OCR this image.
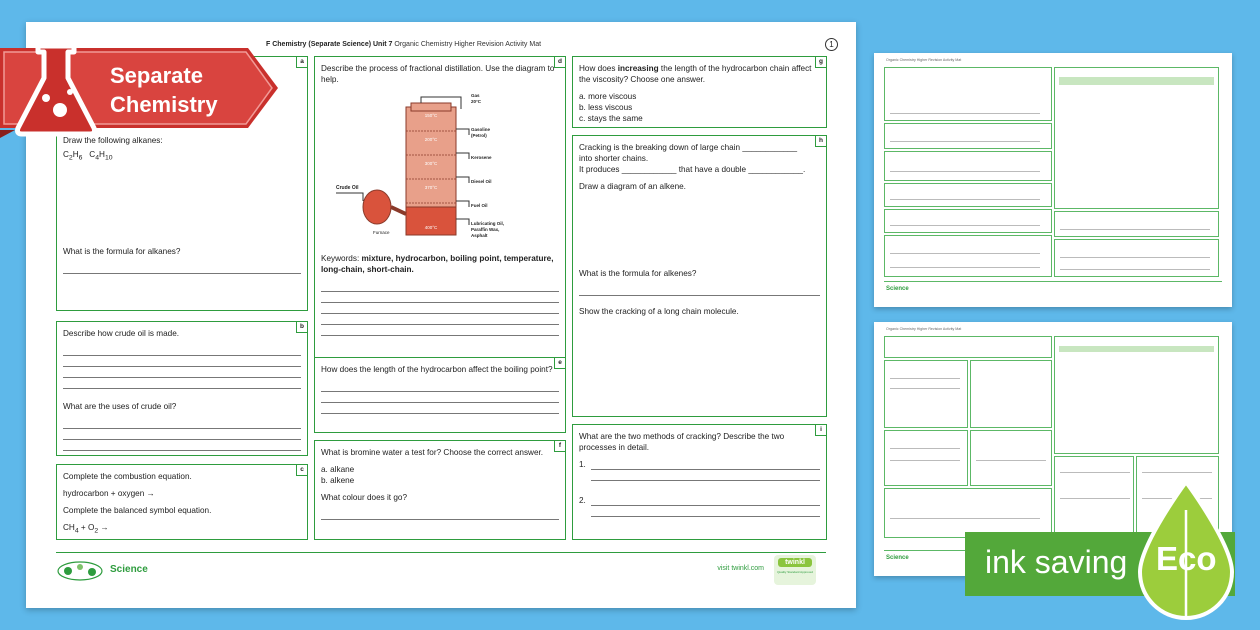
F Chemistry (Separate Science) Unit 7 Organic Chemistry Higher Revision Activity Mat	1
a
Draw the following alkanes:
$C_2H_6$ $C_4H_{10}$
What is the formula for alkanes?
b
Describe how crude oil is made.
What are the uses of crude oil?
c
Complete the combustion equation.
hydrocarbon + oxygen →
Complete the balanced symbol equation.
$CH_4 + O_2$ →
d
Describe the process of fractional distillation. Use the diagram to help.
Crude Oil
Furnace
150°C
200°C
300°C
370°C
400°C
Gas
20°C
Gasoline
(Petrol)
Kerosene
Diesel Oil
Fuel Oil
Lubricating Oil,
Paraffin Wax,
Asphalt
Keywords: mixture, hydrocarbon, boiling point, temperature, long-chain, short-chain.
e
How does the length of the hydrocarbon affect the boiling point?
f
What is bromine water a test for? Choose the correct answer.
a. alkane
b. alkene
What colour does it go?
g
How does increasing the length of the hydrocarbon chain affect the viscosity? Choose one answer.
a. more viscous
b. less viscous
c. stays the same
h
Cracking is the breaking down of large chain ____________
into shorter chains.
It produces ____________ that have a double ____________.
Draw a diagram of an alkene.
What is the formula for alkenes?
Show the cracking of a long chain molecule.
i
What are the two methods of cracking? Describe the two processes in detail.
1.
2.
Science	visit twinkl.com
twinkl
Quality Standard Approved
Separate
Chemistry
Organic Chemistry Higher Revision Activity Mat
Science
Organic Chemistry Higher Revision Activity Mat
Science ink saving Eco
